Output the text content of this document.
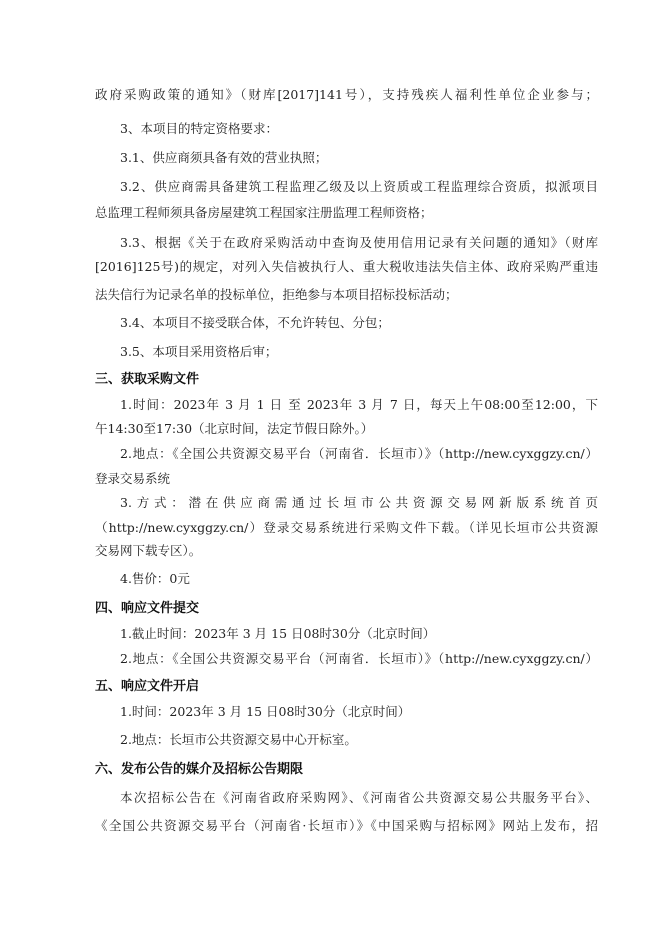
政府采购政策的通知》（财库[2017]141号），支持残疾人福利性单位企业参与；
3、本项目的特定资格要求：
3.1、供应商须具备有效的营业执照；
3.2、供应商需具备建筑工程监理乙级及以上资质或工程监理综合资质，拟派项目
总监理工程师须具备房屋建筑工程国家注册监理工程师资格；
3.3、根据《关于在政府采购活动中查询及使用信用记录有关问题的通知》（财库
[2016]125号)的规定，对列入失信被执行人、重大税收违法失信主体、政府采购严重违
法失信行为记录名单的投标单位，拒绝参与本项目招标投标活动；
3.4、本项目不接受联合体，不允许转包、分包；
3.5、本项目采用资格后审；
三、获取采购文件
1.时间：2023年 3 月 1 日 至 2023年 3 月 7 日，每天上午08:00至12:00，下
午14:30至17:30（北京时间，法定节假日除外。）
2.地点：《全国公共资源交易平台（河南省．长垣市）》（http://new.cyxggzy.cn/）
登录交易系统
3.方式：潜在供应商需通过长垣市公共资源交易网新版系统首页
（http://new.cyxggzy.cn/）登录交易系统进行采购文件下载。（详见长垣市公共资源
交易网下载专区）。
4.售价：0元
四、响应文件提交
1.截止时间：2023年 3 月 15 日08时30分（北京时间）
2.地点：《全国公共资源交易平台（河南省．长垣市）》（http://new.cyxggzy.cn/）
五、响应文件开启
1.时间：2023年 3 月 15 日08时30分（北京时间）
2.地点：长垣市公共资源交易中心开标室。
六、发布公告的媒介及招标公告期限
本次招标公告在《河南省政府采购网》、《河南省公共资源交易公共服务平台》、
《全国公共资源交易平台（河南省·长垣市）》《中国采购与招标网》网站上发布，招
